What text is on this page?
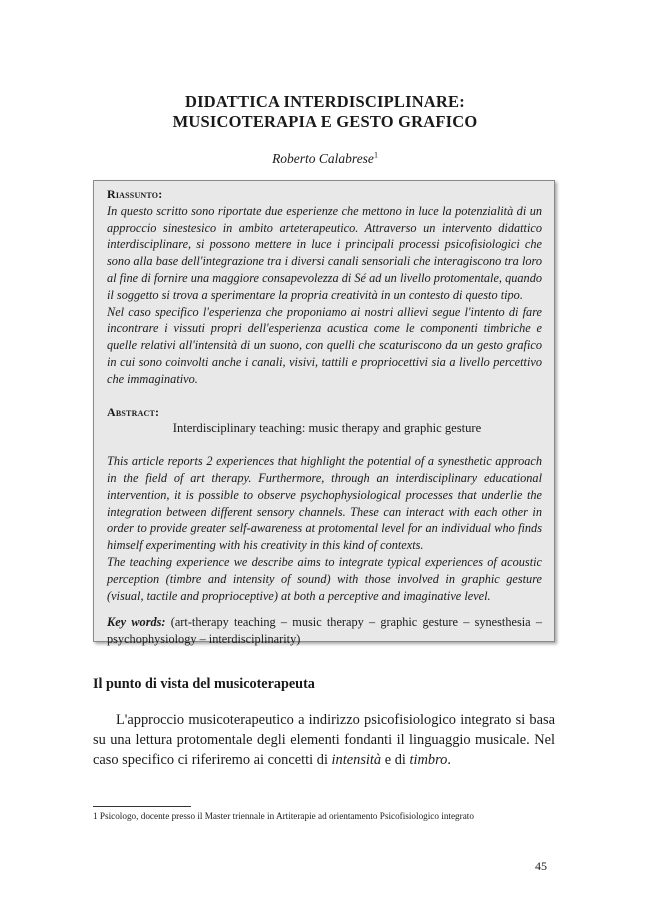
DIDATTICA INTERDISCIPLINARE:
MUSICOTERAPIA E GESTO GRAFICO
Roberto Calabrese$^1$
Riassunto:

In questo scritto sono riportate due esperienze che mettono in luce la potenzialità di un approccio sinestesico in ambito arteterapeutico. Attraverso un intervento didattico interdisciplinare, si possono mettere in luce i principali processi psicofisiologici che sono alla base dell'integrazione tra i diversi canali sensoriali che interagiscono tra loro al fine di fornire una maggiore consapevolezza di Sé ad un livello protomentale, quando il soggetto si trova a sperimentare la propria creatività in un contesto di questo tipo.

Nel caso specifico l'esperienza che proponiamo ai nostri allievi segue l'intento di fare incontrare i vissuti propri dell'esperienza acustica come le componenti timbriche e quelle relativi all'intensità di un suono, con quelli che scaturiscono da un gesto grafico in cui sono coinvolti anche i canali, visivi, tattili e propriocettivi sia a livello percettivo che immaginativo.

Abstract:

Interdisciplinary teaching: music therapy and graphic gesture

This article reports 2 experiences that highlight the potential of a synesthetic approach in the field of art therapy. Furthermore, through an interdisciplinary educational intervention, it is possible to observe psychophysiological processes that underlie the integration between different sensory channels. These can interact with each other in order to provide greater self-awareness at protomental level for an individual who finds himself experimenting with his creativity in this kind of contexts.

The teaching experience we describe aims to integrate typical experiences of acoustic perception (timbre and intensity of sound) with those involved in graphic gesture (visual, tactile and proprioceptive) at both a perceptive and imaginative level.

Key words: (art-therapy teaching – music therapy – graphic gesture – synesthesia – psychophysiology – interdisciplinarity)

Il punto di vista del musicoterapeuta

L'approccio musicoterapeutico a indirizzo psicofisiologico integrato si basa su una lettura protomentale degli elementi fondanti il linguaggio musicale. Nel caso specifico ci riferiremo ai concetti di intensità e di timbro.

1 Psicologo, docente presso il Master triennale in Artiterapie ad orientamento Psicofisiologico integrato
45
